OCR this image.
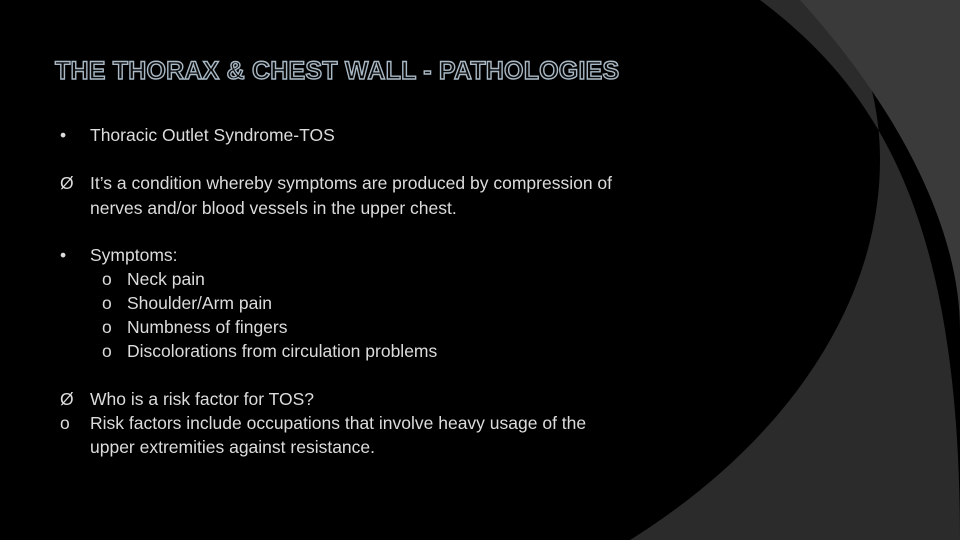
THE THORAX & CHEST WALL - PATHOLOGIES
• Thoracic Outlet Syndrome-TOS
Ø It’s a condition whereby symptoms are produced by compression of
nerves and/or blood vessels in the upper chest.
• Symptoms:
o Neck pain
o Shoulder/Arm pain
o Numbness of fingers
o Discolorations from circulation problems
Ø Who is a risk factor for TOS?
o Risk factors include occupations that involve heavy usage of the
upper extremities against resistance.
